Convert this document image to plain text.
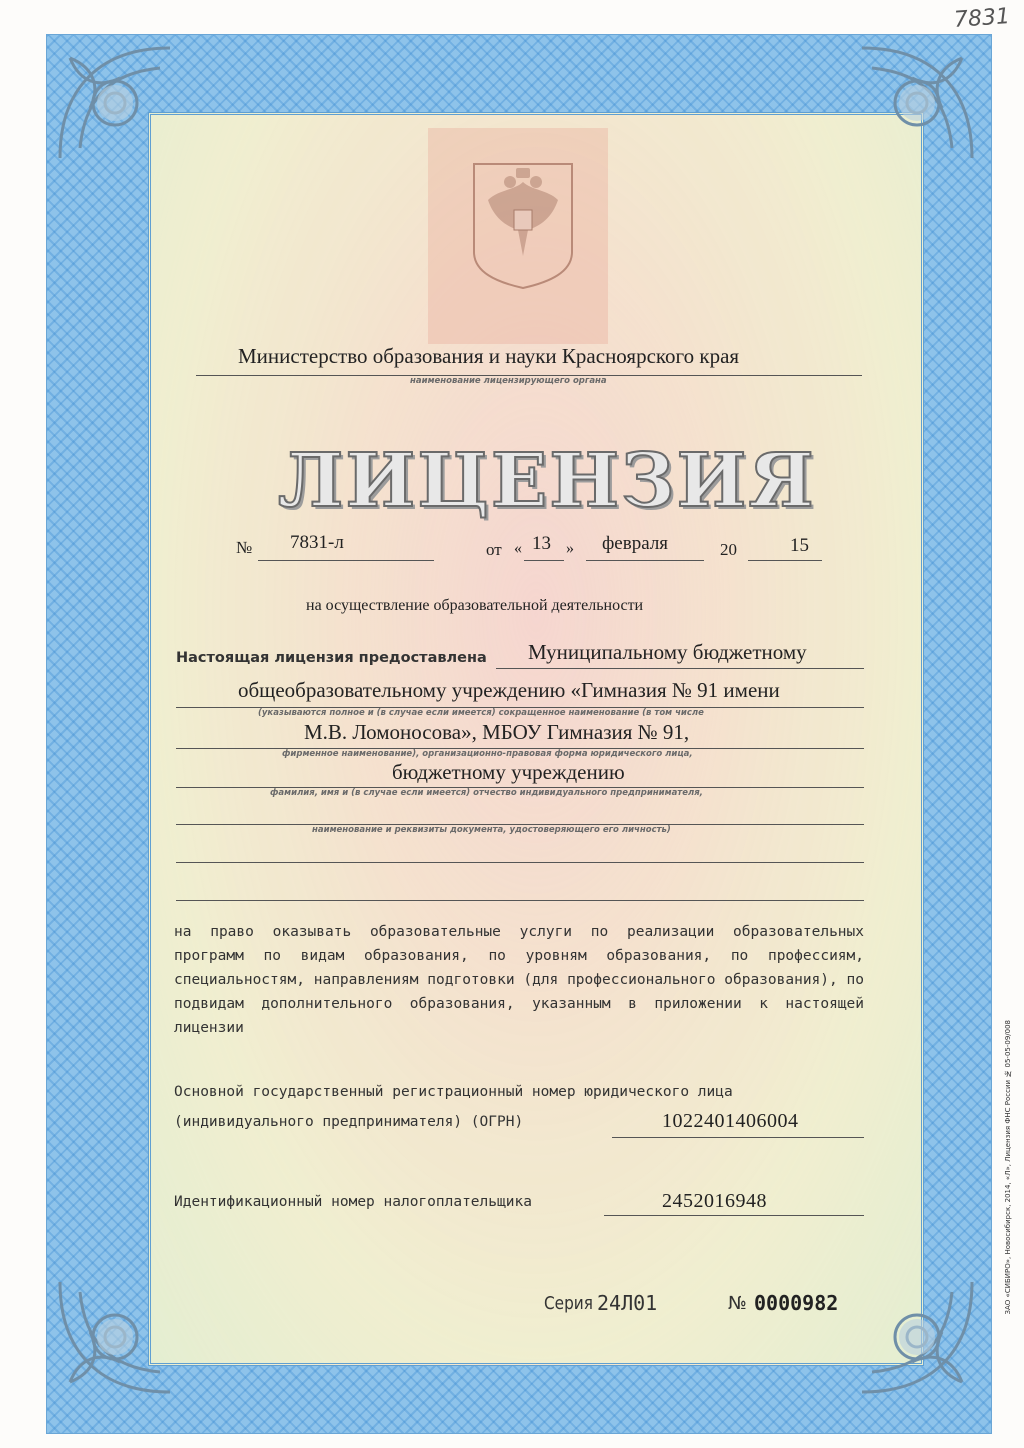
7831
Министерство образования и науки Красноярского края
наименование лицензирующего органа
ЛИЦЕНЗИЯ
№ 7831-л	от « 13 » февраля	20	15
на осуществление образовательной деятельности
Настоящая лицензия предоставлена Муниципальному бюджетному
общеобразовательному учреждению «Гимназия № 91 имени
(указываются полное и (в случае если имеется) сокращенное наименование (в том числе
М.В. Ломоносова», МБОУ Гимназия № 91,
фирменное наименование), организационно-правовая форма юридического лица,
бюджетному учреждению
фамилия, имя и (в случае если имеется) отчество индивидуального предпринимателя,
наименование и реквизиты документа, удостоверяющего его личность)
на право оказывать образовательные услуги по реализации образовательных программ по видам образования, по уровням образования, по профессиям, специальностям, направлениям подготовки (для профессионального образования), по подвидам дополнительного образования, указанным в приложении к настоящей лицензии
Основной государственный регистрационный номер юридического лица
(индивидуального предпринимателя) (ОГРН)	1022401406004
Идентификационный номер налогоплательщика	2452016948
Серия 24Л01	№ 0000982	ЗАО «СИБИРО», Новосибирск, 2014, «Л», Лицензия ФНС России № 05-05-09/008
